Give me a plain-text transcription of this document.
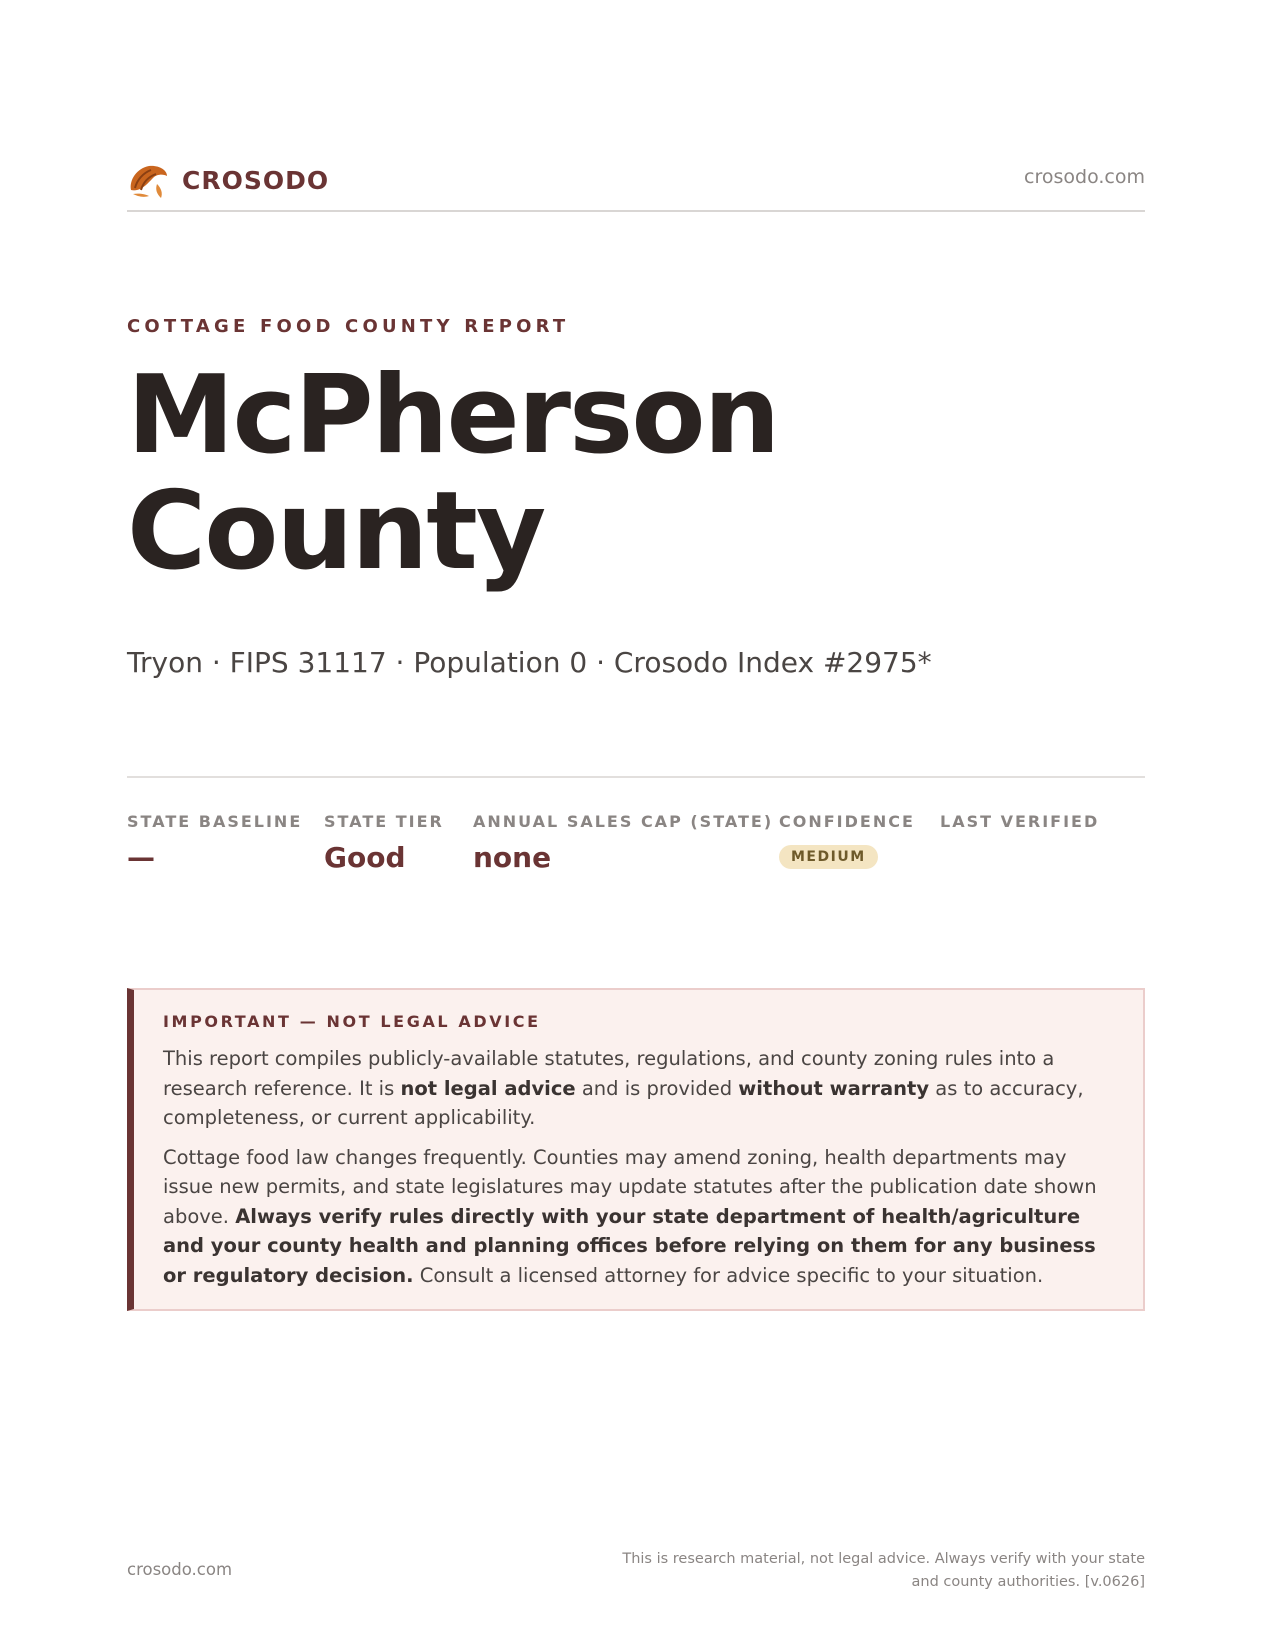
CROSODO	crosodo.com
COTTAGE FOOD COUNTY REPORT
McPherson
County
Tryon · FIPS 31117 · Population 0 · Crosodo Index #2975*
STATE BASELINE
—
STATE TIER
Good
ANNUAL SALES CAP (STATE)
none
CONFIDENCE
MEDIUM
LAST VERIFIED
IMPORTANT — NOT LEGAL ADVICE

This report compiles publicly-available statutes, regulations, and county zoning rules into a research reference. It is not legal advice and is provided without warranty as to accuracy, completeness, or current applicability.

Cottage food law changes frequently. Counties may amend zoning, health departments may issue new permits, and state legislatures may update statutes after the publication date shown above. Always verify rules directly with your state department of health/agriculture and your county health and planning offices before relying on them for any business or regulatory decision. Consult a licensed attorney for advice specific to your situation.

crosodo.com
This is research material, not legal advice. Always verify with your state
and county authorities. [v.0626]
